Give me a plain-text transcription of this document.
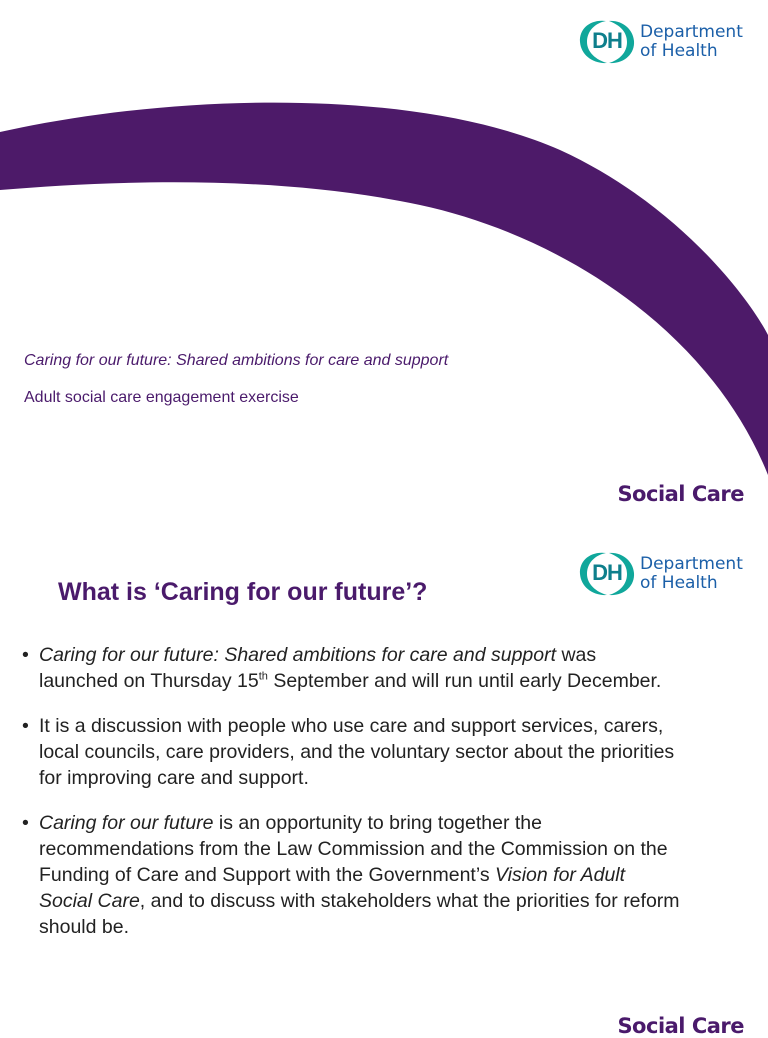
DH	Department
of Health
Caring for our future: Shared ambitions for care and support
Adult social care engagement exercise
Social Care
DH	Department
of Health
What is ‘Caring for our future’?
• Caring for our future: Shared ambitions for care and support was launched on Thursday 15th September and will run until early December.
• It is a discussion with people who use care and support services, carers, local councils, care providers, and the voluntary sector about the priorities for improving care and support.
• Caring for our future is an opportunity to bring together the recommendations from the Law Commission and the Commission on the Funding of Care and Support with the Government’s Vision for Adult Social Care, and to discuss with stakeholders what the priorities for reform should be.
Social Care
